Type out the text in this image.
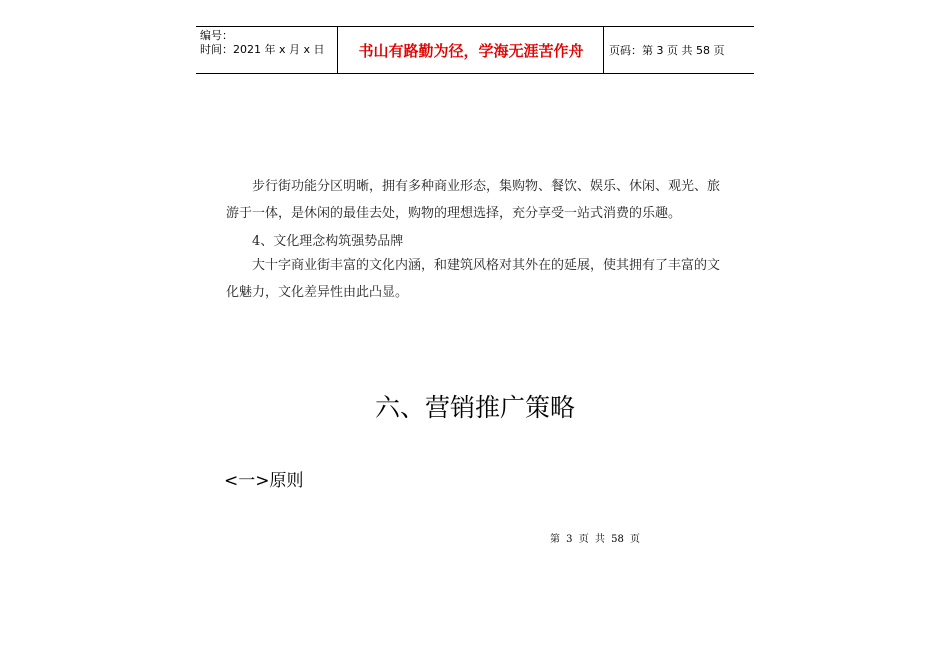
编号：
时间：2021 年 x 月 x 日	书山有路勤为径，学海无涯苦作舟	页码：第 3 页 共 58 页

步行街功能分区明晰，拥有多种商业形态，集购物、餐饮、娱乐、休闲、观光、旅游于一体，是休闲的最佳去处，购物的理想选择，充分享受一站式消费的乐趣。

4、文化理念构筑强势品牌

大十字商业街丰富的文化内涵，和建筑风格对其外在的延展，使其拥有了丰富的文化魅力，文化差异性由此凸显。

六、营销推广策略
<一>原则
第 3 页 共 58 页
